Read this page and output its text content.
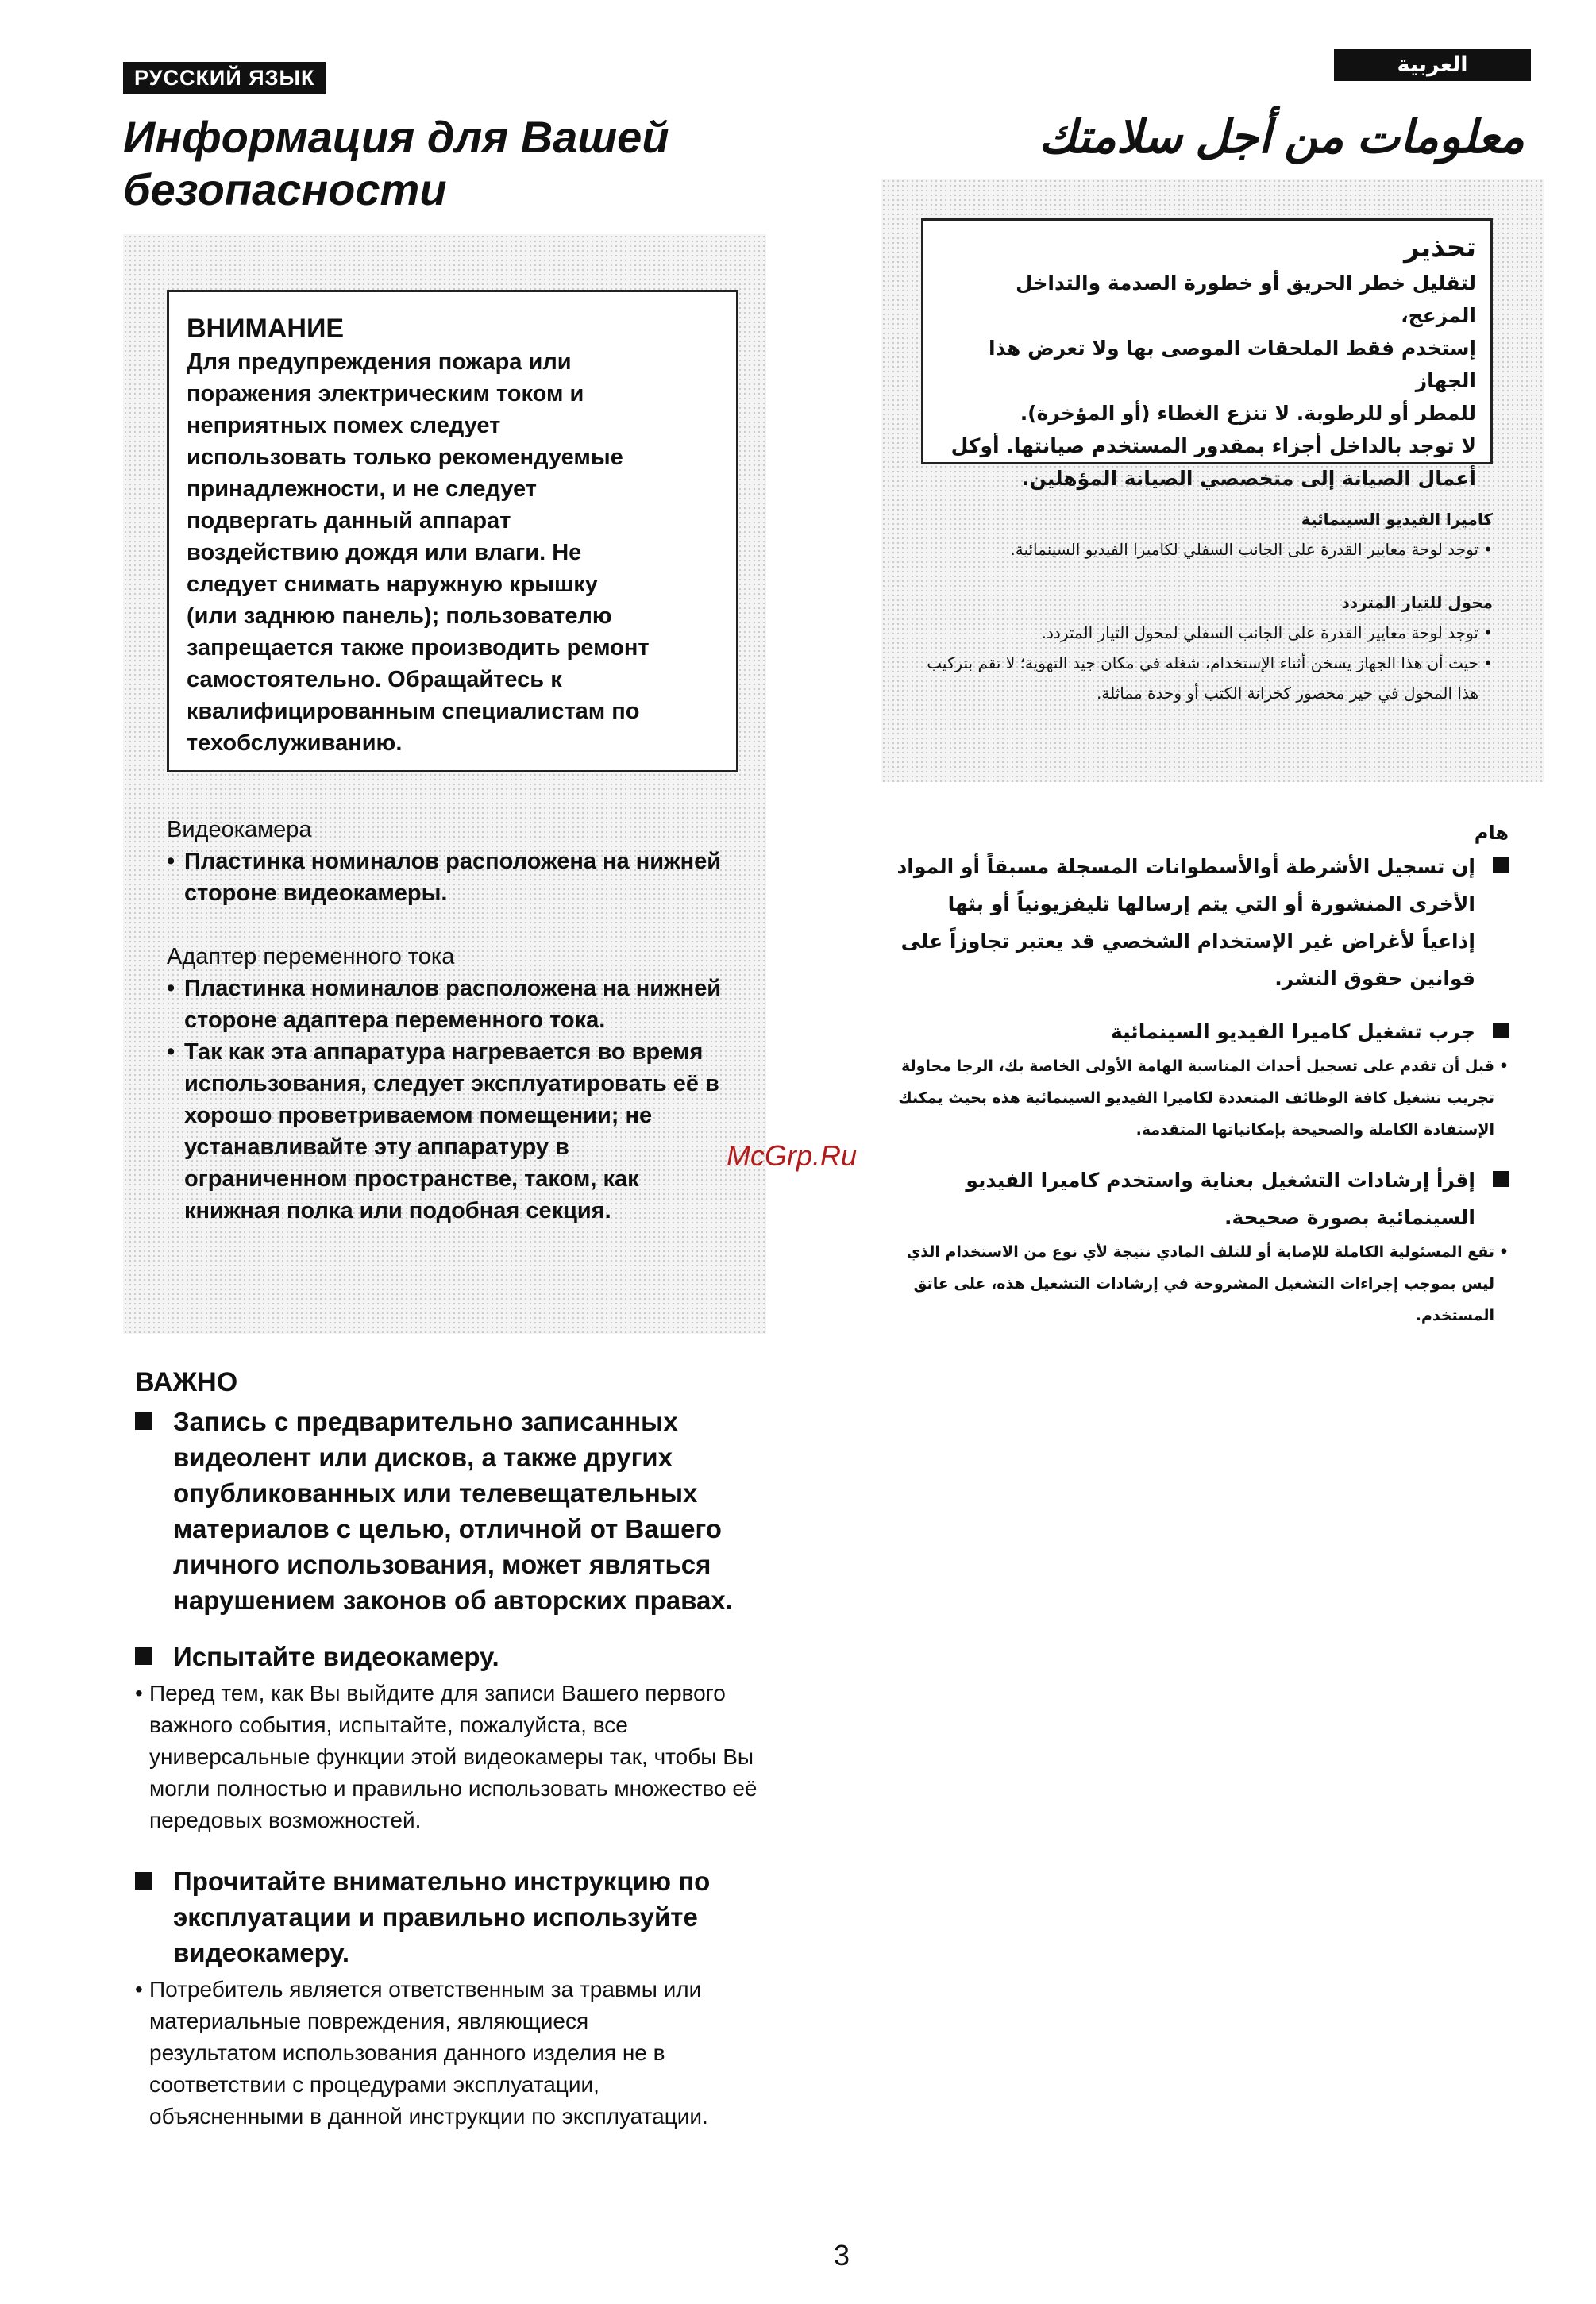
РУССКИЙ ЯЗЫК
Информация для Вашей
безопасности
ВНИМАНИЕ

Для предупреждения пожара или

поражения электрическим током и

неприятных помех следует

использовать только рекомендуемые

принадлежности, и не следует

подвергать данный аппарат

воздействию дождя или влаги. Не

следует снимать наружную крышку

(или заднюю панель); пользователю

запрещается также производить ремонт

самостоятельно. Обращайтесь к

квалифицированным специалистам по

техобслуживанию.

Видеокамера

• Пластинка номиналов расположена на нижней стороне видеокамеры.

Адаптер переменного тока

• Пластинка номиналов расположена на нижней стороне адаптера переменного тока.

• Так как эта аппаратура нагревается во время использования, следует эксплуатировать её в хорошо проветриваемом помещении; не устанавливайте эту аппаратуру в ограниченном пространстве, таком, как книжная полка или подобная секция.

ВАЖНО
Запись с предварительно записанных видеолент или дисков, а также других опубликованных или телевещательных материалов с целью, отличной от Вашего личного использования, может являться нарушением законов об авторских правах.
Испытайте видеокамеру.
• Перед тем, как Вы выйдите для записи Вашего первого важного события, испытайте, пожалуйста, все универсальные функции этой видеокамеры так, чтобы Вы могли полностью и правильно использовать множество её передовых возможностей.
Прочитайте внимательно инструкцию по эксплуатации и правильно используйте видеокамеру.
• Потребитель является ответственным за травмы или материальные повреждения, являющиеся результатом использования данного изделия не в соответствии с процедурами эксплуатации, объясненными в данной инструкции по эксплуатации.
العربية
معلومات من أجل سلامتك
تحذير

لتقليل خطر الحريق أو خطورة الصدمة والتداخل المزعج،

إستخدم فقط الملحقات الموصى بها ولا تعرض هذا الجهاز

للمطر أو للرطوبة. لا تنزع الغطاء (أو المؤخرة).

لا توجد بالداخل أجزاء بمقدور المستخدم صيانتها. أوكل

أعمال الصيانة إلى متخصصي الصيانة المؤهلين.

كاميرا الفيديو السينمائية
• توجد لوحة معايير القدرة على الجانب السفلي لكاميرا الفيديو السينمائية.
محول للتيار المتردد
• توجد لوحة معايير القدرة على الجانب السفلي لمحول التيار المتردد.
• حيث أن هذا الجهاز يسخن أثناء الإستخدام، شغله في مكان جيد التهوية؛ لا تقم بتركيب هذا المحول في حيز محصور كخزانة الكتب أو وحدة مماثلة.
هام
إن تسجيل الأشرطة أوالأسطوانات المسجلة مسبقاً أو المواد الأخرى المنشورة أو التي يتم إرسالها تليفزيونياً أو بثها إذاعياً لأغراض غير الإستخدام الشخصي قد يعتبر تجاوزاً على قوانين حقوق النشر.
جرب تشغيل كاميرا الفيديو السينمائية
• قبل أن تقدم على تسجيل أحداث المناسبة الهامة الأولى الخاصة بك، الرجا محاولة تجريب تشغيل كافة الوظائف المتعددة لكاميرا الفيديو السينمائية هذه بحيث يمكنك الإستفادة الكاملة والصحيحة بإمكانياتها المتقدمة.
إقرأ إرشادات التشغيل بعناية واستخدم كاميرا الفيديو السينمائية بصورة صحيحة.
• تقع المسئولية الكاملة للإصابة أو للتلف المادي نتيجة لأي نوع من الاستخدام الذي ليس بموجب إجراءات التشغيل المشروحة في إرشادات التشغيل هذه، على عاتق المستخدم.
McGrp.Ru
3
